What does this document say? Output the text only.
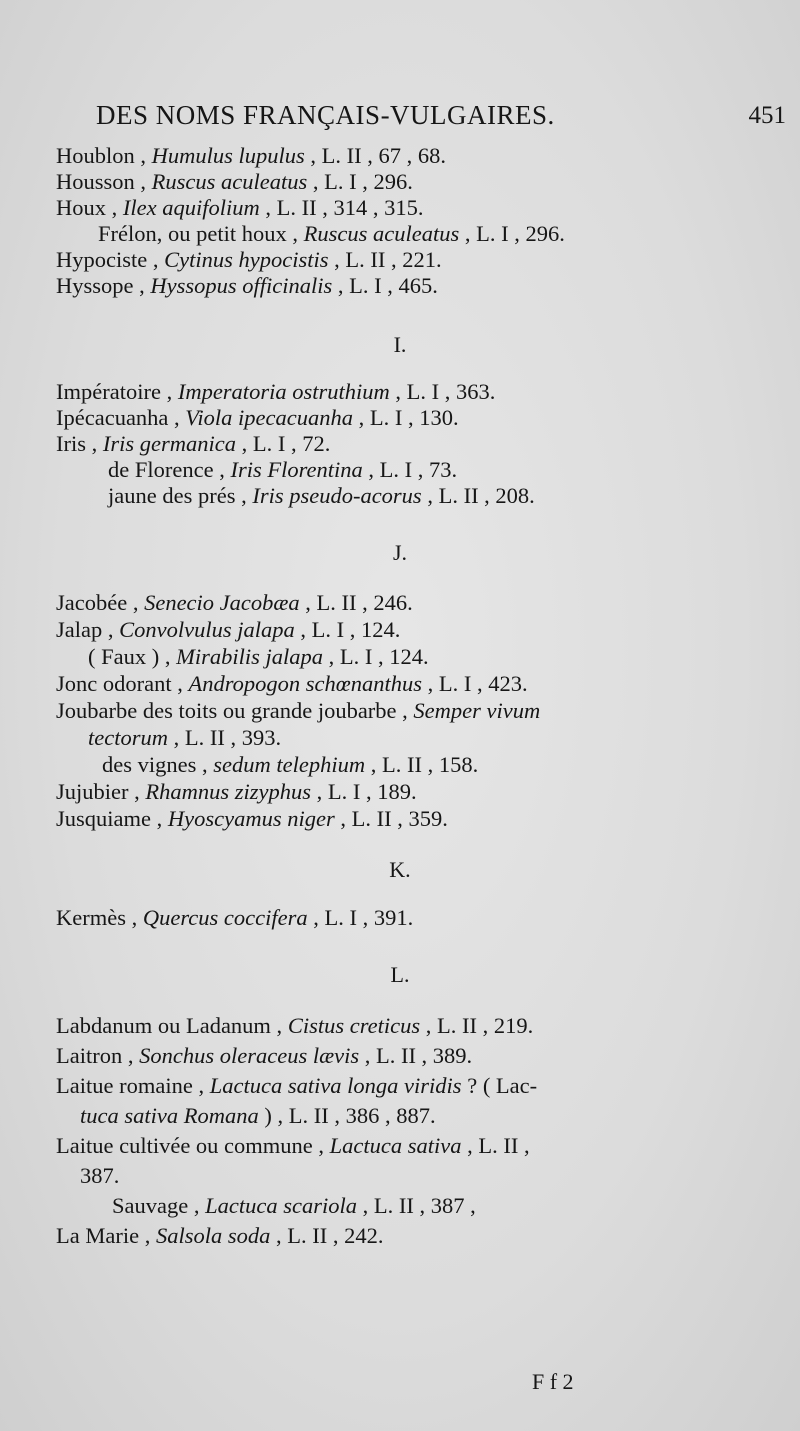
DES NOMS FRANÇAIS-VULGAIRES.	451
Houblon , Humulus lupulus , L. II , 67 , 68.
Housson , Ruscus aculeatus , L. I , 296.
Houx , Ilex aquifolium , L. II , 314 , 315.
Frélon, ou petit houx , Ruscus aculeatus , L. I , 296.
Hypociste , Cytinus hypocistis , L. II , 221.
Hyssope , Hyssopus officinalis , L. I , 465.
I.
Impératoire , Imperatoria ostruthium , L. I , 363.
Ipécacuanha , Viola ipecacuanha , L. I , 130.
Iris , Iris germanica , L. I , 72.
de Florence , Iris Florentina , L. I , 73.
jaune des prés , Iris pseudo-acorus , L. II , 208.
J.
Jacobée , Senecio Jacobæa , L. II , 246.
Jalap , Convolvulus jalapa , L. I , 124.
( Faux ) , Mirabilis jalapa , L. I , 124.
Jonc odorant , Andropogon schœnanthus , L. I , 423.
Joubarbe des toits ou grande joubarbe , Semper vivum
tectorum , L. II , 393.
des vignes , sedum telephium , L. II , 158.
Jujubier , Rhamnus zizyphus , L. I , 189.
Jusquiame , Hyoscyamus niger , L. II , 359.
K.
Kermès , Quercus coccifera , L. I , 391.
L.
Labdanum ou Ladanum , Cistus creticus , L. II , 219.
Laitron , Sonchus oleraceus lævis , L. II , 389.
Laitue romaine , Lactuca sativa longa viridis ? ( Lac-
tuca sativa Romana ) , L. II , 386 , 887.
Laitue cultivée ou commune , Lactuca sativa , L. II ,
387.
Sauvage , Lactuca scariola , L. II , 387 ,
La Marie , Salsola soda , L. II , 242.
F f 2
